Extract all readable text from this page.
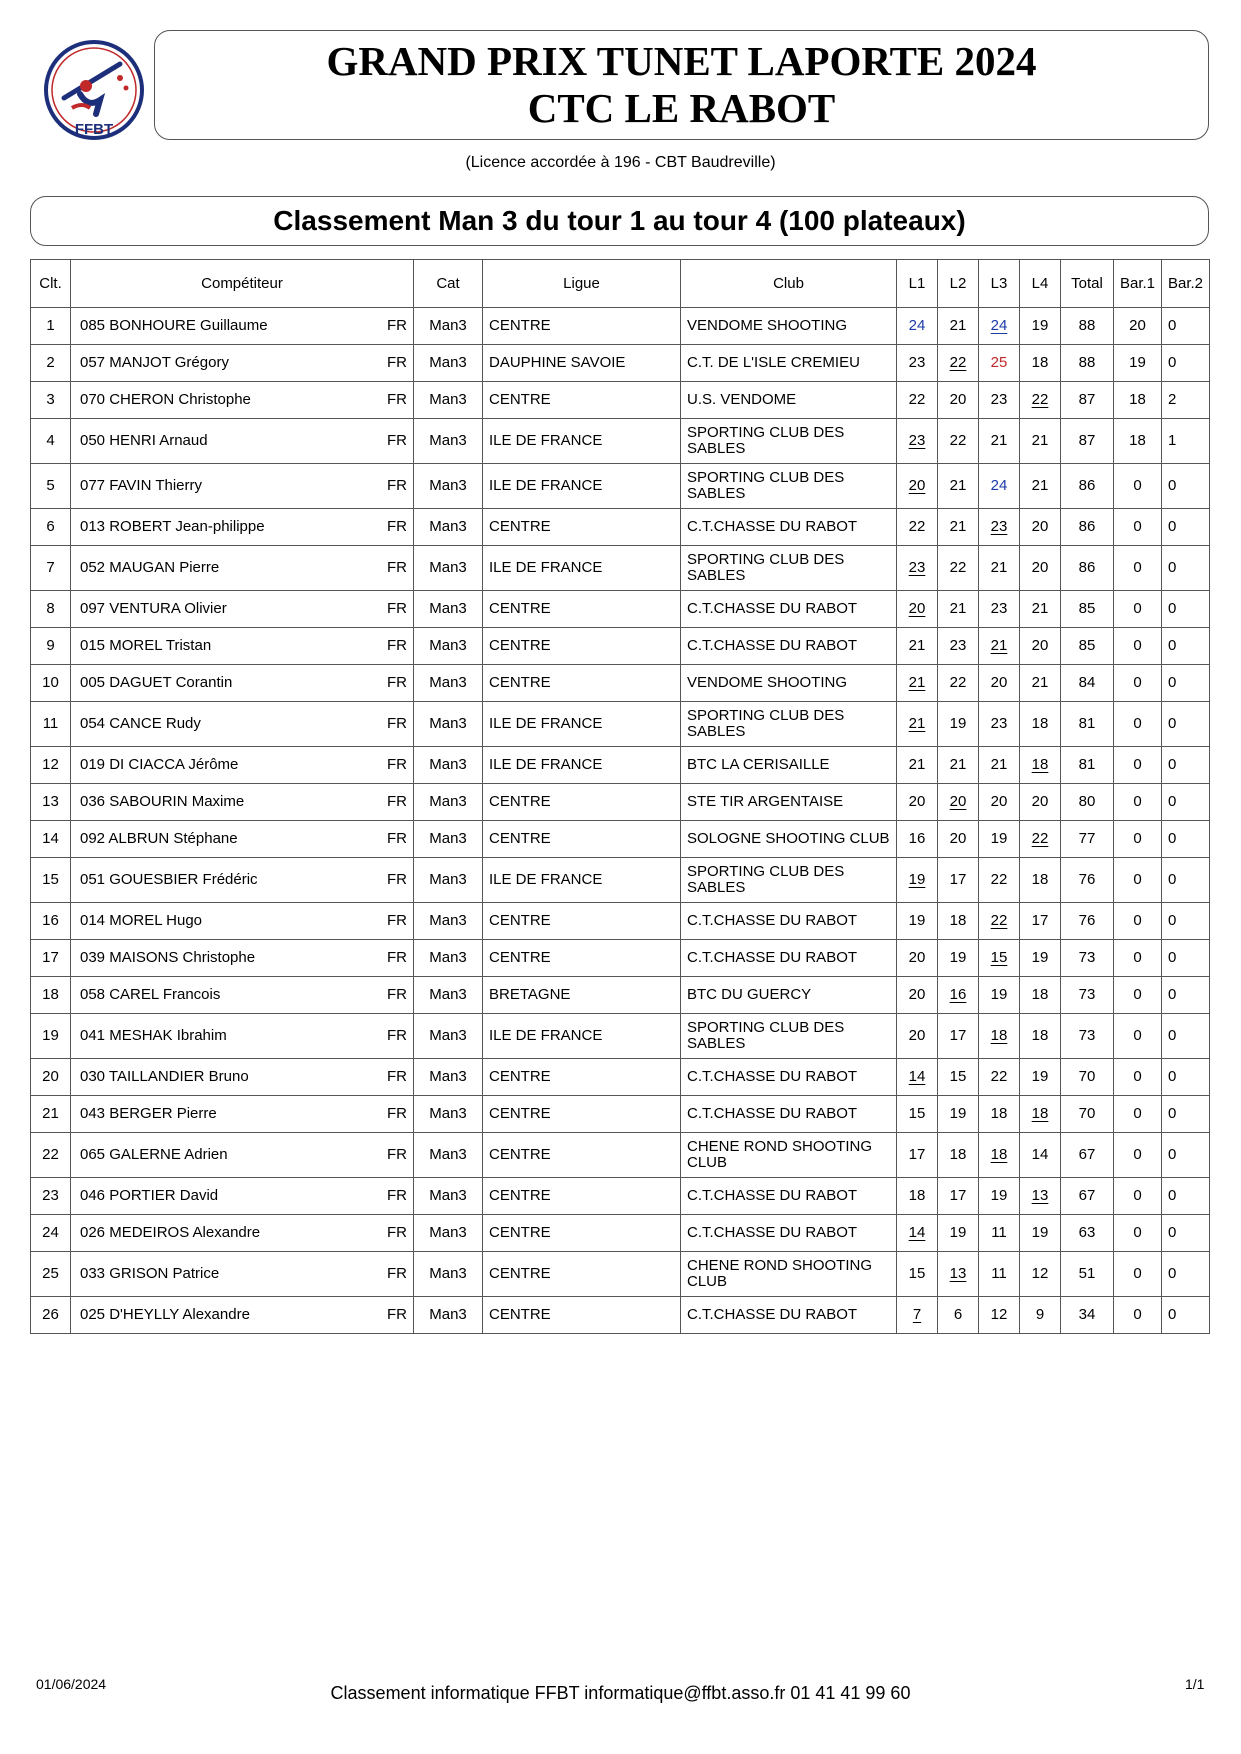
FFBT
GRAND PRIX TUNET LAPORTE 2024
CTC LE RABOT
(Licence accordée à 196 - CBT Baudreville)
Classement Man 3 du tour 1 au tour 4 (100 plateaux)
Clt.	Compétiteur	Cat	Ligue	Club	L1	L2	L3	L4	Total	Bar.1	Bar.2
1	085 BONHOURE Guillaume FR	Man3	CENTRE	VENDOME SHOOTING	24	21	24	19	88	20	0
2	057 MANJOT Grégory FR	Man3	DAUPHINE SAVOIE	C.T. DE L'ISLE CREMIEU	23	22	25	18	88	19	0
3	070 CHERON Christophe FR	Man3	CENTRE	U.S. VENDOME	22	20	23	22	87	18	2
4	050 HENRI Arnaud FR	Man3	ILE DE FRANCE	SPORTING CLUB DES SABLES	23	22	21	21	87	18	1
5	077 FAVIN Thierry FR	Man3	ILE DE FRANCE	SPORTING CLUB DES SABLES	20	21	24	21	86	0	0
6	013 ROBERT Jean-philippe FR	Man3	CENTRE	C.T.CHASSE DU RABOT	22	21	23	20	86	0	0
7	052 MAUGAN Pierre FR	Man3	ILE DE FRANCE	SPORTING CLUB DES SABLES	23	22	21	20	86	0	0
8	097 VENTURA Olivier FR	Man3	CENTRE	C.T.CHASSE DU RABOT	20	21	23	21	85	0	0
9	015 MOREL Tristan FR	Man3	CENTRE	C.T.CHASSE DU RABOT	21	23	21	20	85	0	0
10	005 DAGUET Corantin FR	Man3	CENTRE	VENDOME SHOOTING	21	22	20	21	84	0	0
11	054 CANCE Rudy FR	Man3	ILE DE FRANCE	SPORTING CLUB DES SABLES	21	19	23	18	81	0	0
12	019 DI CIACCA Jérôme FR	Man3	ILE DE FRANCE	BTC LA CERISAILLE	21	21	21	18	81	0	0
13	036 SABOURIN Maxime FR	Man3	CENTRE	STE TIR ARGENTAISE	20	20	20	20	80	0	0
14	092 ALBRUN Stéphane FR	Man3	CENTRE	SOLOGNE SHOOTING CLUB	16	20	19	22	77	0	0
15	051 GOUESBIER Frédéric FR	Man3	ILE DE FRANCE	SPORTING CLUB DES SABLES	19	17	22	18	76	0	0
16	014 MOREL Hugo FR	Man3	CENTRE	C.T.CHASSE DU RABOT	19	18	22	17	76	0	0
17	039 MAISONS Christophe FR	Man3	CENTRE	C.T.CHASSE DU RABOT	20	19	15	19	73	0	0
18	058 CAREL Francois FR	Man3	BRETAGNE	BTC DU GUERCY	20	16	19	18	73	0	0
19	041 MESHAK Ibrahim FR	Man3	ILE DE FRANCE	SPORTING CLUB DES SABLES	20	17	18	18	73	0	0
20	030 TAILLANDIER Bruno FR	Man3	CENTRE	C.T.CHASSE DU RABOT	14	15	22	19	70	0	0
21	043 BERGER Pierre FR	Man3	CENTRE	C.T.CHASSE DU RABOT	15	19	18	18	70	0	0
22	065 GALERNE Adrien FR	Man3	CENTRE	CHENE ROND SHOOTING CLUB	17	18	18	14	67	0	0
23	046 PORTIER David FR	Man3	CENTRE	C.T.CHASSE DU RABOT	18	17	19	13	67	0	0
24	026 MEDEIROS Alexandre FR	Man3	CENTRE	C.T.CHASSE DU RABOT	14	19	11	19	63	0	0
25	033 GRISON Patrice FR	Man3	CENTRE	CHENE ROND SHOOTING CLUB	15	13	11	12	51	0	0
26	025 D'HEYLLY Alexandre FR	Man3	CENTRE	C.T.CHASSE DU RABOT	7	6	12	9	34	0	0
01/06/2024	Classement informatique FFBT informatique@ffbt.asso.fr 01 41 41 99 60	1/1
